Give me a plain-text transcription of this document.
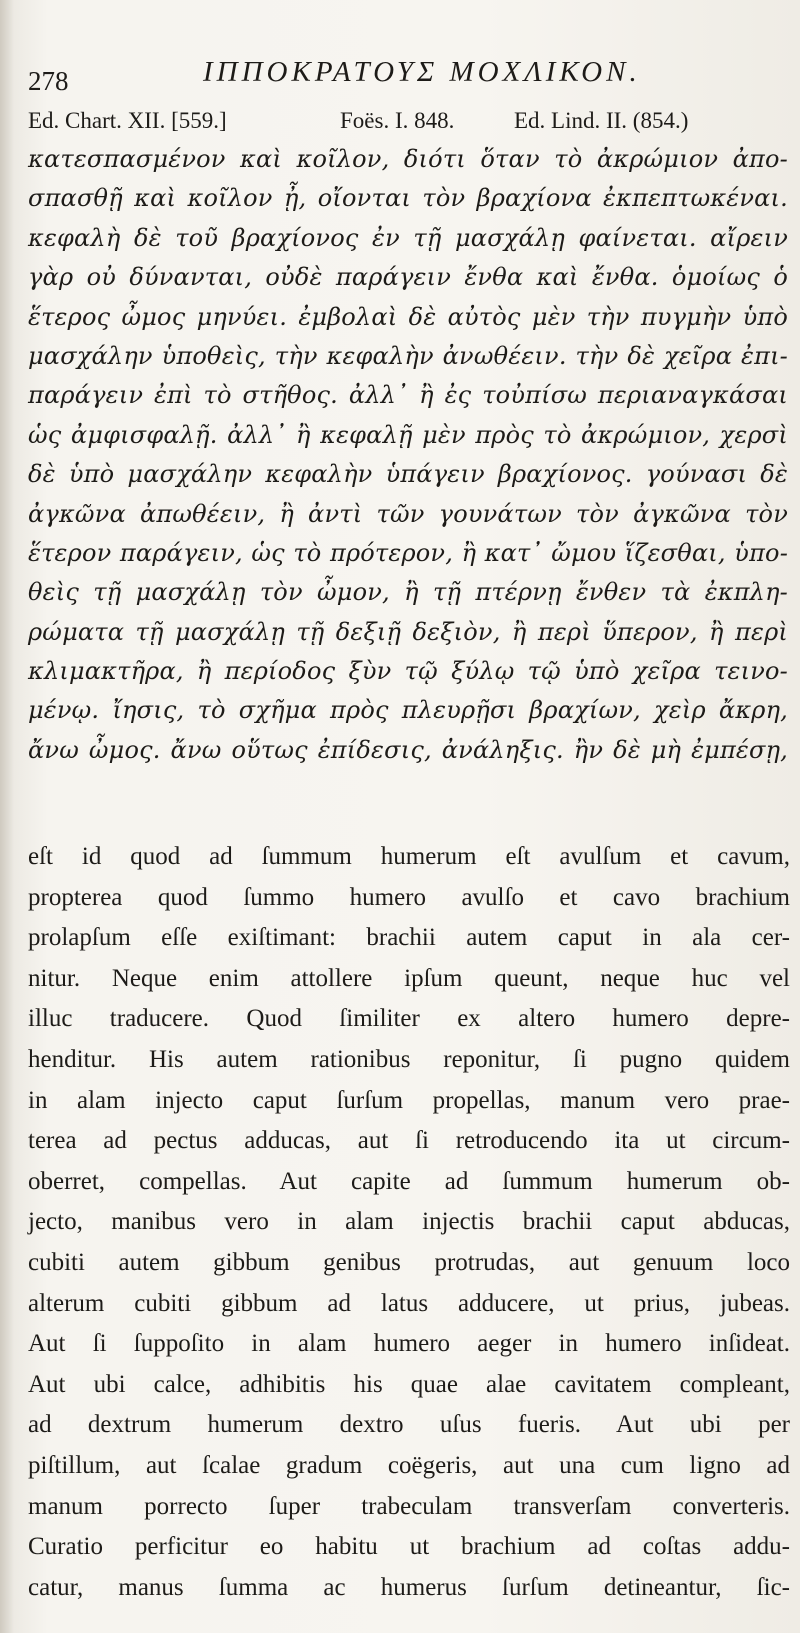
278	ΙΠΠΟΚΡΑΤΟΥΣ ΜΟΧΛΙΚΟΝ.
Ed. Chart. XII. [559.]	Foës. I. 848.	Ed. Lind. II. (854.)
κατεσπασμένον καὶ κοῖλον, διότι ὅταν τὸ ἀκρώμιον ἀπο-
σπασθῇ καὶ κοῖλον ᾖ, οἴονται τὸν βραχίονα ἐκπεπτωκέναι.
κεφαλὴ δὲ τοῦ βραχίονος ἐν τῇ μασχάλῃ φαίνεται. αἴρειν
γὰρ οὐ δύνανται, οὐδὲ παράγειν ἔνθα καὶ ἔνθα. ὁμοίως ὁ
ἕτερος ὦμος μηνύει. ἐμβολαὶ δὲ αὐτὸς μὲν τὴν πυγμὴν ὑπὸ
μασχάλην ὑποθεὶς, τὴν κεφαλὴν ἀνωθέειν. τὴν δὲ χεῖρα ἐπι-
παράγειν ἐπὶ τὸ στῆθος. ἀλλ᾿ ἢ ἐς τοὐπίσω περιαναγκάσαι
ὡς ἀμφισφαλῇ. ἀλλ᾿ ἢ κεφαλῇ μὲν πρὸς τὸ ἀκρώμιον, χερσὶ
δὲ ὑπὸ μασχάλην κεφαλὴν ὑπάγειν βραχίονος. γούνασι δὲ
ἀγκῶνα ἀπωθέειν, ἢ ἀντὶ τῶν γουνάτων τὸν ἀγκῶνα τὸν
ἕτερον παράγειν, ὡς τὸ πρότερον, ἢ κατ᾿ ὤμου ἵζεσθαι, ὑπο-
θεὶς τῇ μασχάλῃ τὸν ὦμον, ἢ τῇ πτέρνῃ ἔνθεν τὰ ἐκπλη-
ρώματα τῇ μασχάλῃ τῇ δεξιῇ δεξιὸν, ἢ περὶ ὕπερον, ἢ περὶ
κλιμακτῆρα, ἢ περίοδος ξὺν τῷ ξύλῳ τῷ ὑπὸ χεῖρα τεινο-
μένῳ. ἴησις, τὸ σχῆμα πρὸς πλευρῇσι βραχίων, χεὶρ ἄκρη,
ἄνω ὦμος. ἄνω οὕτως ἐπίδεσις, ἀνάληξις. ἢν δὲ μὴ ἐμπέσῃ,
eſt id quod ad ſummum humerum eſt avulſum et cavum,
propterea quod ſummo humero avulſo et cavo brachium
prolapſum eſſe exiſtimant: brachii autem caput in ala cer-
nitur. Neque enim attollere ipſum queunt, neque huc vel
illuc traducere. Quod ſimiliter ex altero humero depre-
henditur. His autem rationibus reponitur, ſi pugno quidem
in alam injecto caput ſurſum propellas, manum vero prae-
terea ad pectus adducas, aut ſi retroducendo ita ut circum-
oberret, compellas. Aut capite ad ſummum humerum ob-
jecto, manibus vero in alam injectis brachii caput abducas,
cubiti autem gibbum genibus protrudas, aut genuum loco
alterum cubiti gibbum ad latus adducere, ut prius, jubeas.
Aut ſi ſuppoſito in alam humero aeger in humero inſideat.
Aut ubi calce, adhibitis his quae alae cavitatem compleant,
ad dextrum humerum dextro uſus fueris. Aut ubi per
piſtillum, aut ſcalae gradum coëgeris, aut una cum ligno ad
manum porrecto ſuper trabeculam transverſam converteris.
Curatio perficitur eo habitu ut brachium ad coſtas addu-
catur, manus ſumma ac humerus ſurſum detineantur, ſic-
